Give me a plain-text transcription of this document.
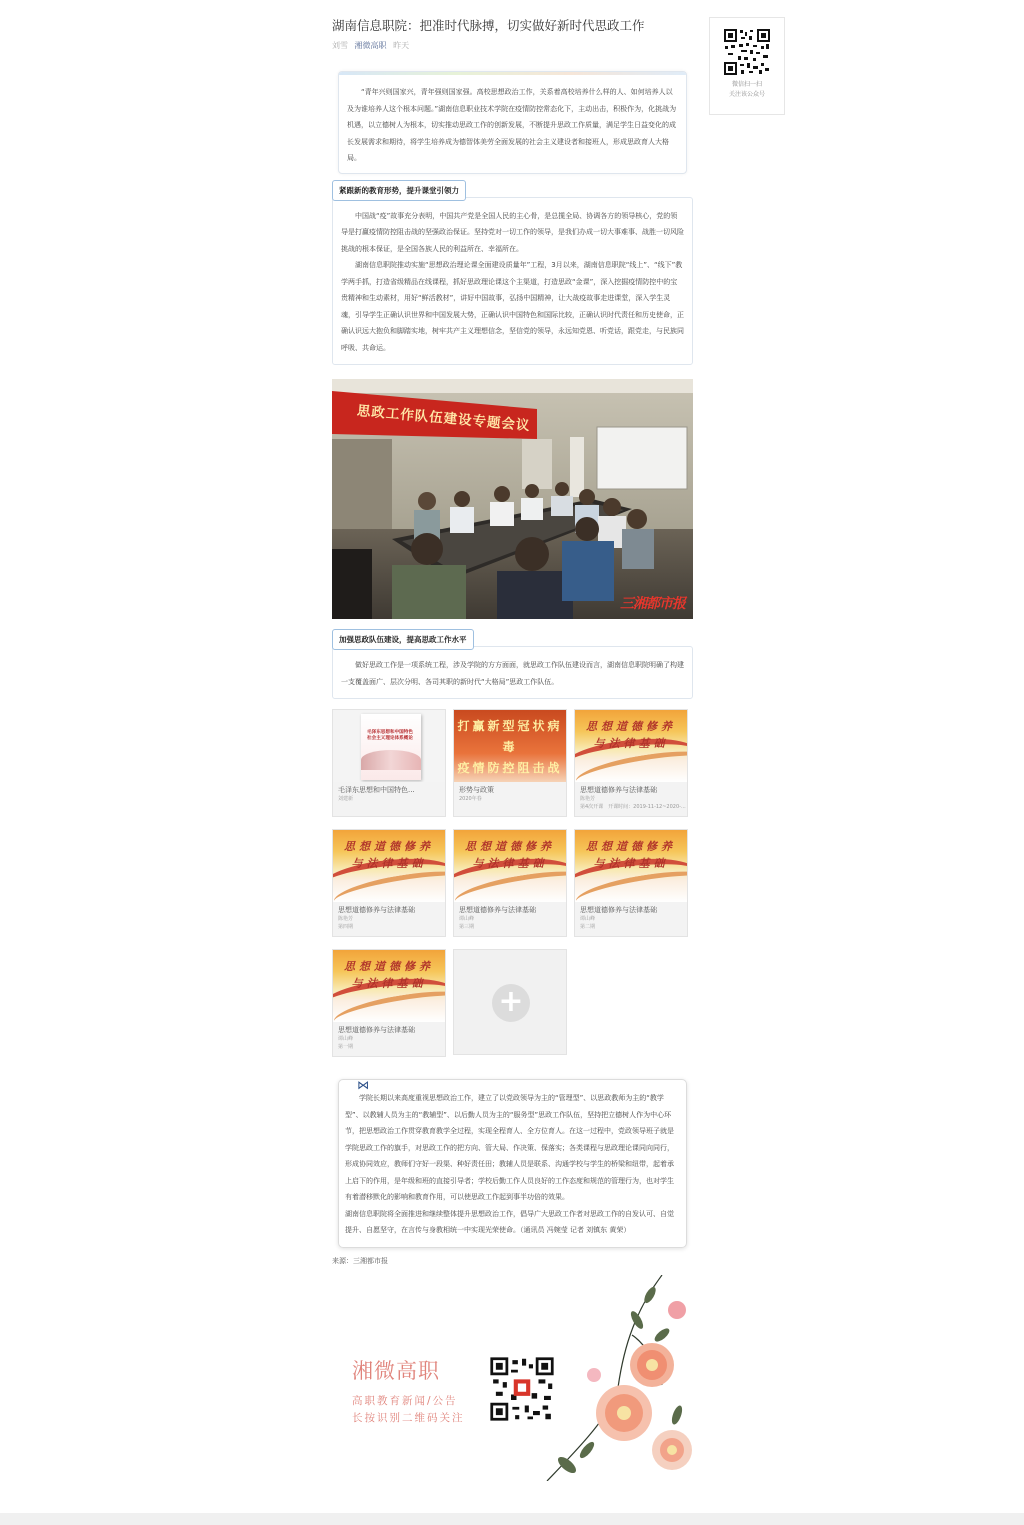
湖南信息职院：把准时代脉搏，切实做好新时代思政工作
刘雪 湘微高职 昨天

“青年兴则国家兴，青年强则国家强。高校思想政治工作，关系着高校培养什么样的人、如何培养人以及为谁培养人这个根本问题。”湖南信息职业技术学院在疫情防控常态化下，主动出击，积极作为，化挑战为机遇，以立德树人为根本，切实推动思政工作的创新发展，不断提升思政工作质量，满足学生日益变化的成长发展需求和期待，将学生培养成为德智体美劳全面发展的社会主义建设者和接班人，形成思政育人大格局。

紧跟新的教育形势，提升课堂引领力

中国战“疫”故事充分表明，中国共产党是全国人民的主心骨，是总揽全局、协调各方的领导核心，党的领导是打赢疫情防控阻击战的坚强政治保证。坚持党对一切工作的领导，是我们办成一切大事难事、战胜一切风险挑战的根本保证，是全国各族人民的利益所在、幸福所在。

湖南信息职院推动实施“思想政治理论课全面建设质量年”工程，3月以来，湖南信息职院“线上”、“线下”教学两手抓，打造省级精品在线课程，抓好思政理论课这个主渠道，打造思政“金课”，深入挖掘疫情防控中的宝贵精神和生动素材，用好“鲜活教材”，讲好中国故事，弘扬中国精神，让大战疫故事走进课堂，深入学生灵魂，引导学生正确认识世界和中国发展大势，正确认识中国特色和国际比较，正确认识时代责任和历史使命，正确认识远大抱负和脚踏实地，树牢共产主义理想信念，坚信党的领导，永远知党恩、听党话，跟党走，与民族同呼吸、共命运。

思政工作队伍建设专题会议
三湘都市报
加强思政队伍建设，提高思政工作水平

做好思政工作是一项系统工程，涉及学院的方方面面，就思政工作队伍建设而言，湖南信息职院明确了构建一支覆盖面广、层次分明、各司其职的新时代“大格局”思政工作队伍。

毛泽东思想和中国特色社会主义理论体系概论
毛泽东思想和中国特色...
刘建新
打赢新型冠状病毒
疫情防控阻击战
形势与政策
2020年春
思想道德修养
与法律基础
思想道德修养与法律基础
陈艳芳
第4次开课　开课时间：2019-11-12~2020-...
思想道德修养
与法律基础
思想道德修养与法律基础
陈艳芳
第四期
思想道德修养
与法律基础
思想道德修养与法律基础
谭山峰
第三期
思想道德修养
与法律基础
思想道德修养与法律基础
谭山峰
第二期
思想道德修养
与法律基础
思想道德修养与法律基础
谭山峰
第一期
+
⋈

学院长期以来高度重视思想政治工作，建立了以党政领导为主的“管理型”、以思政教师为主的“教学型”、以教辅人员为主的“教辅型”、以后勤人员为主的“服务型”思政工作队伍，坚持把立德树人作为中心环节，把思想政治工作贯穿教育教学全过程，实现全程育人、全方位育人。在这一过程中，党政领导班子就是学院思政工作的旗手，对思政工作的把方向、管大局、作决策、保落实；各类课程与思政理论课同向同行，形成协同效应，教师们守好一段渠、种好责任田；教辅人员是联系、沟通学校与学生的桥梁和纽带，起着承上启下的作用，是年级和班的直接引导者；学校后勤工作人员良好的工作态度和规范的管理行为，也对学生有着潜移默化的影响和教育作用，可以使思政工作起到事半功倍的效果。

湖南信息职院将全面推进和继续整体提升思想政治工作，倡导广大思政工作者对思政工作的自发认可、自觉提升、自愿坚守，在言传与身教相统一中实现光荣使命。（通讯员 冯婉莹 记者 刘镇东 黄荣）

来源：三湘都市报
微信扫一扫
关注该公众号
湘微高职
高职教育新闻/公告
长按识别二维码关注
